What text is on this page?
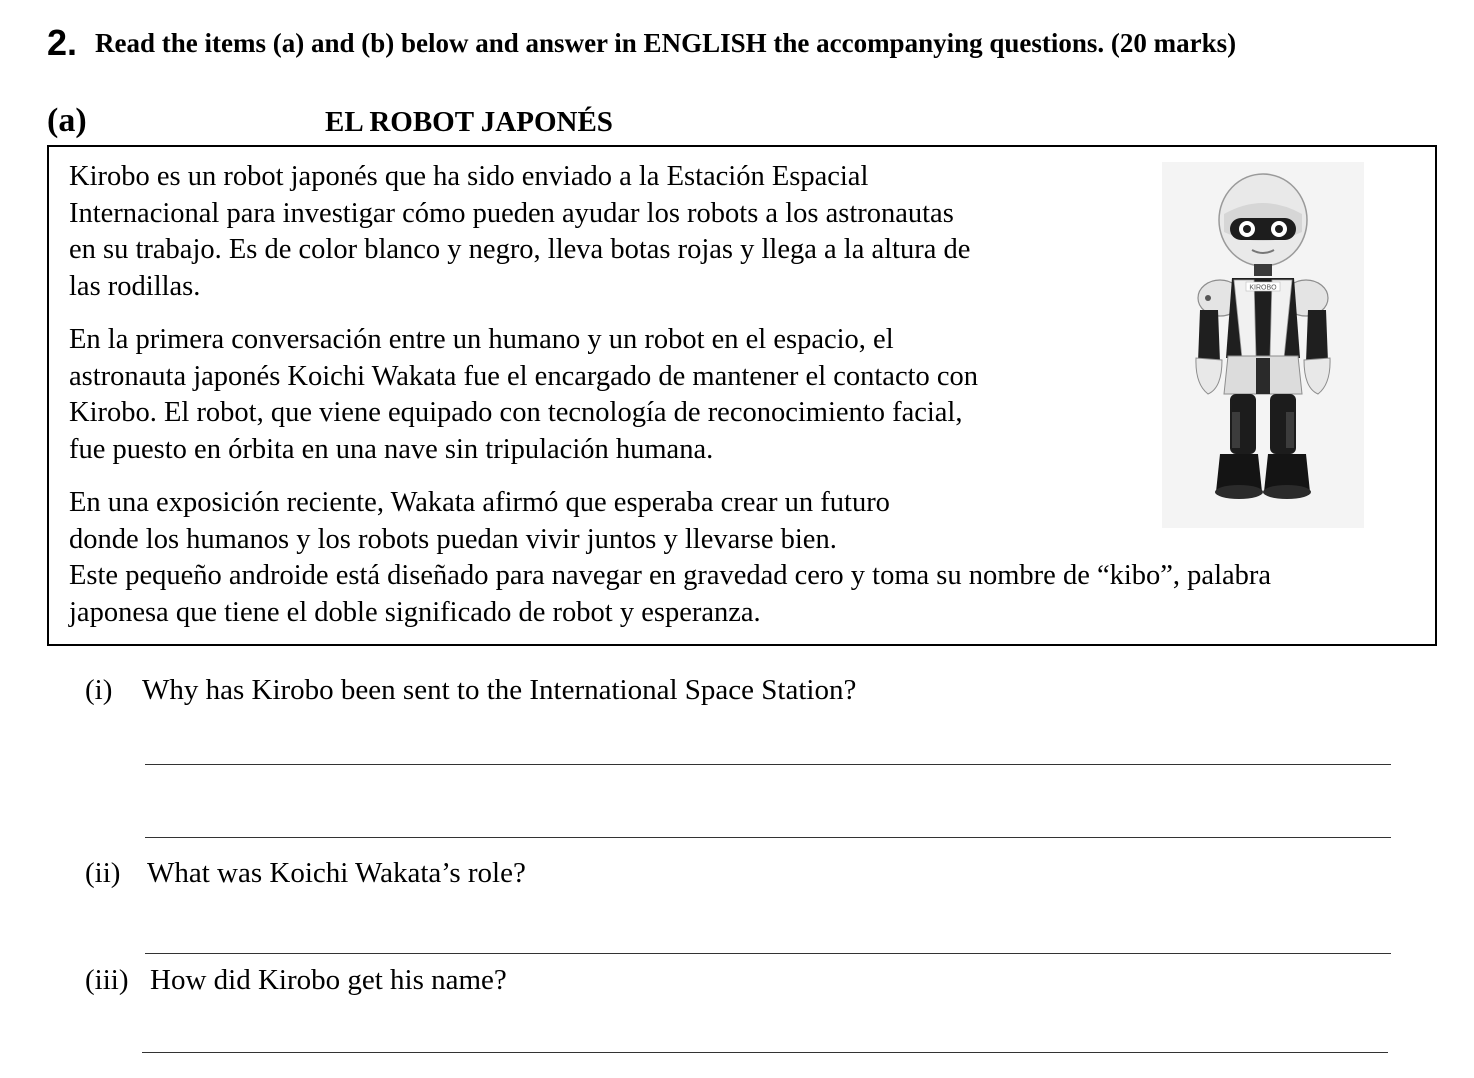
2. Read the items (a) and (b) below and answer in ENGLISH the accompanying questions. (20 marks)
(a)	EL ROBOT JAPONÉS
Kirobo es un robot japonés que ha sido enviado a la Estación Espacial
Internacional para investigar cómo pueden ayudar los robots a los astronautas
en su trabajo. Es de color blanco y negro, lleva botas rojas y llega a la altura de
las rodillas.
En la primera conversación entre un humano y un robot en el espacio, el
astronauta japonés Koichi Wakata fue el encargado de mantener el contacto con
Kirobo. El robot, que viene equipado con tecnología de reconocimiento facial,
fue puesto en órbita en una nave sin tripulación humana.
En una exposición reciente, Wakata afirmó que esperaba crear un futuro
donde los humanos y los robots puedan vivir juntos y llevarse bien.
Este pequeño androide está diseñado para navegar en gravedad cero y toma su nombre de “kibo”, palabra
japonesa que tiene el doble significado de robot y esperanza.
KIROBO
(i) Why has Kirobo been sent to the International Space Station?
(ii) What was Koichi Wakata’s role?
(iii) How did Kirobo get his name?
